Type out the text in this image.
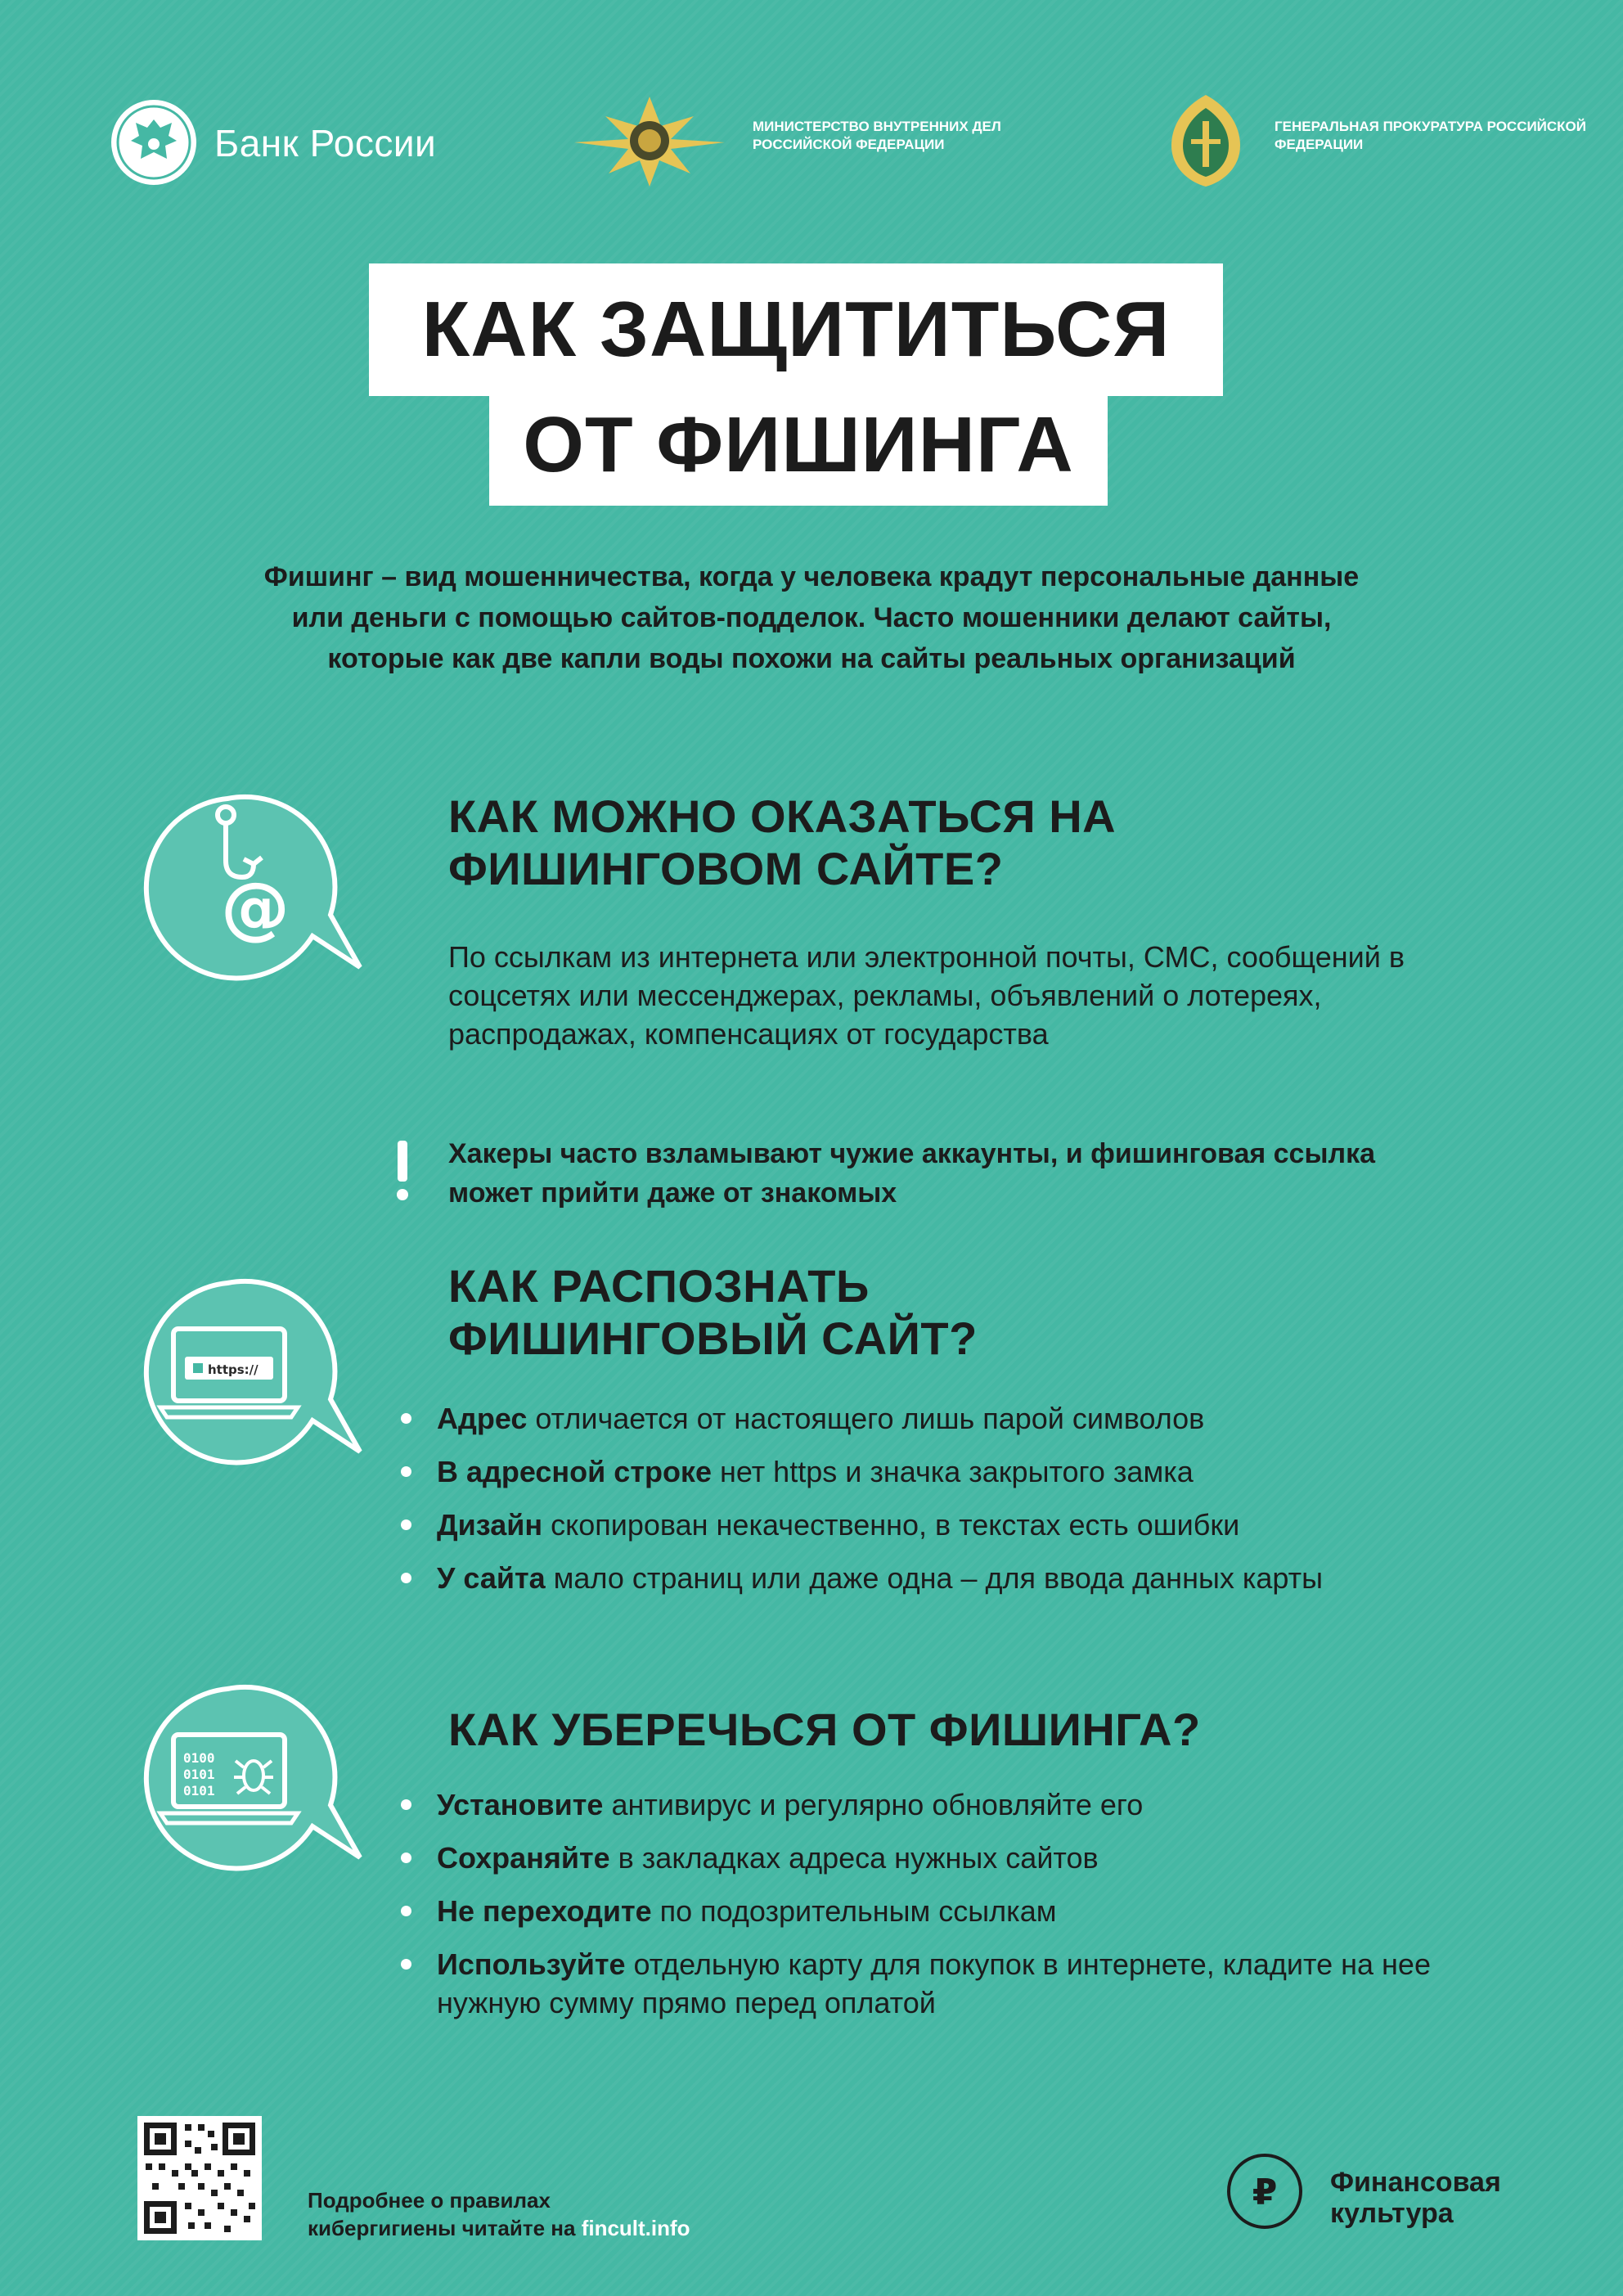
Банк России	МИНИСТЕРСТВО ВНУТРЕННИХ ДЕЛ РОССИЙСКОЙ ФЕДЕРАЦИИ
ГЕНЕРАЛЬНАЯ ПРОКУРАТУРА РОССИЙСКОЙ ФЕДЕРАЦИИ
КАК ЗАЩИТИТЬСЯ
ОТ ФИШИНГА
Фишинг – вид мошенничества, когда у человека крадут персональные данные или деньги с помощью сайтов-подделок. Часто мошенники делают сайты, которые как две капли воды похожи на сайты реальных организаций
@
КАК МОЖНО ОКАЗАТЬСЯ НА ФИШИНГОВОМ САЙТЕ?
По ссылкам из интернета или электронной почты, СМС, сообщений в соцсетях или мессенджерах, рекламы, объявлений о лотереях, распродажах, компенсациях от государства
Хакеры часто взламывают чужие аккаунты, и фишинговая ссылка может прийти даже от знакомых
https://
КАК РАСПОЗНАТЬ ФИШИНГОВЫЙ САЙТ?
Адрес отличается от настоящего лишь парой символов
В адресной строке нет https и значка закрытого замка
Дизайн скопирован некачественно, в текстах есть ошибки
У сайта мало страниц или даже одна – для ввода данных карты
0100
0101
0101
КАК УБЕРЕЧЬСЯ ОТ ФИШИНГА?
Установите антивирус и регулярно обновляйте его
Сохраняйте в закладках адреса нужных сайтов
Не переходите по подозрительным ссылкам
Используйте отдельную карту для покупок в интернете, кладите на нее нужную сумму прямо перед оплатой
Подробнее о правилах
кибергигиены читайте на fincult.info
₽ Финансовая
культура
